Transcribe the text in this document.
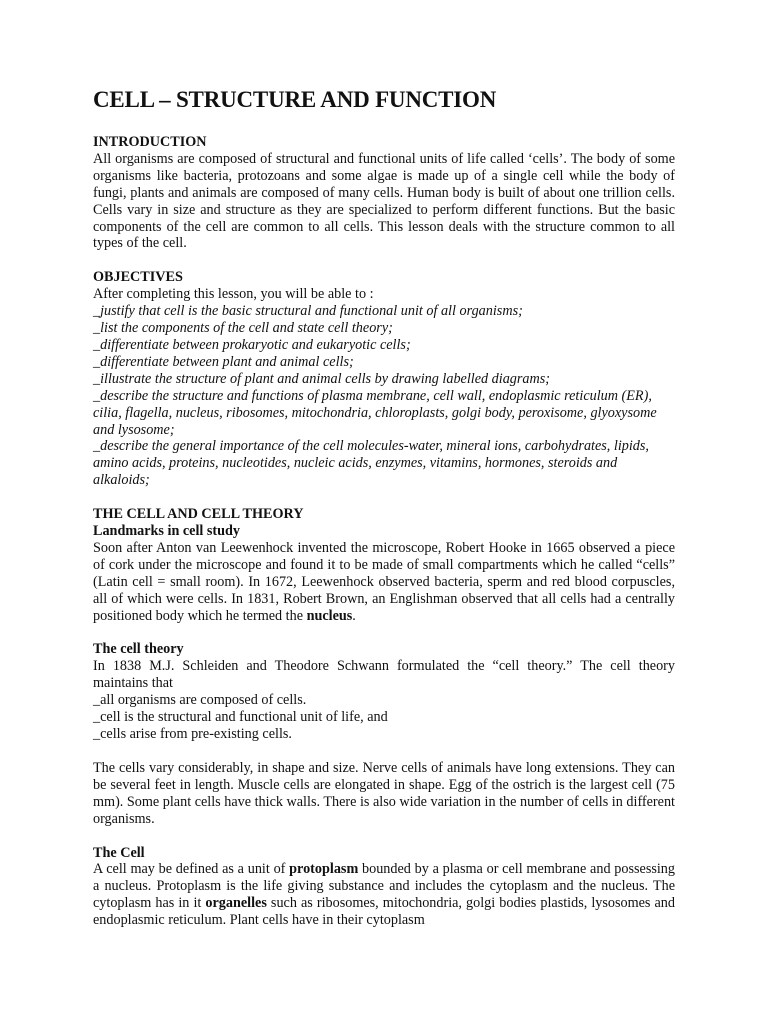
CELL – STRUCTURE AND FUNCTION
INTRODUCTION

All organisms are composed of structural and functional units of life called ‘cells’. The body of some organisms like bacteria, protozoans and some algae is made up of a single cell while the body of fungi, plants and animals are composed of many cells. Human body is built of about one trillion cells. Cells vary in size and structure as they are specialized to perform different functions. But the basic components of the cell are common to all cells. This lesson deals with the structure common to all types of the cell.

OBJECTIVES

After completing this lesson, you will be able to :

_justify that cell is the basic structural and functional unit of all organisms;
_list the components of the cell and state cell theory;
_differentiate between prokaryotic and eukaryotic cells;
_differentiate between plant and animal cells;
_illustrate the structure of plant and animal cells by drawing labelled diagrams;
_describe the structure and functions of plasma membrane, cell wall, endoplasmic reticulum (ER), cilia, flagella, nucleus, ribosomes, mitochondria, chloroplasts, golgi body, peroxisome, glyoxysome and lysosome;
_describe the general importance of the cell molecules-water, mineral ions, carbohydrates, lipids, amino acids, proteins, nucleotides, nucleic acids, enzymes, vitamins, hormones, steroids and alkaloids;
THE CELL AND CELL THEORY
Landmarks in cell study

Soon after Anton van Leewenhock invented the microscope, Robert Hooke in 1665 observed a piece of cork under the microscope and found it to be made of small compartments which he called “cells” (Latin cell = small room). In 1672, Leewenhock observed bacteria, sperm and red blood corpuscles, all of which were cells. In 1831, Robert Brown, an Englishman observed that all cells had a centrally positioned body which he termed the nucleus.

The cell theory

In 1838 M.J. Schleiden and Theodore Schwann formulated the “cell theory.” The cell theory maintains that

_all organisms are composed of cells.
_cell is the structural and functional unit of life, and
_cells arise from pre-existing cells.

The cells vary considerably, in shape and size. Nerve cells of animals have long extensions. They can be several feet in length. Muscle cells are elongated in shape. Egg of the ostrich is the largest cell (75 mm). Some plant cells have thick walls. There is also wide variation in the number of cells in different organisms.

The Cell

A cell may be defined as a unit of protoplasm bounded by a plasma or cell membrane and possessing a nucleus. Protoplasm is the life giving substance and includes the cytoplasm and the nucleus. The cytoplasm has in it organelles such as ribosomes, mitochondria, golgi bodies plastids, lysosomes and endoplasmic reticulum. Plant cells have in their cytoplasm
